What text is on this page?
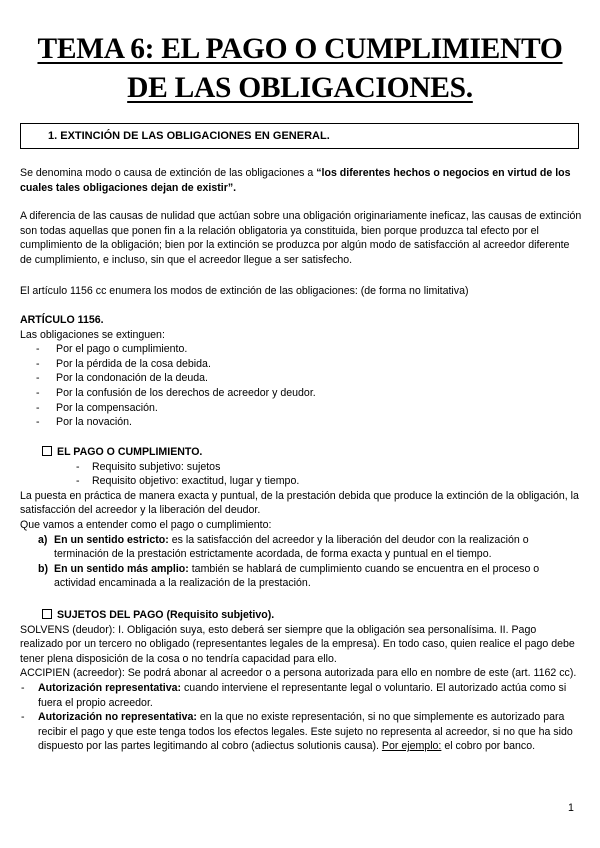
TEMA 6: EL PAGO O CUMPLIMIENTO
DE LAS OBLIGACIONES.
1. EXTINCIÓN DE LAS OBLIGACIONES EN GENERAL.
Se denomina modo o causa de extinción de las obligaciones a “los diferentes hechos o negocios en virtud de los cuales tales obligaciones dejan de existir”.
A diferencia de las causas de nulidad que actúan sobre una obligación originariamente ineficaz, las causas de extinción son todas aquellas que ponen fin a la relación obligatoria ya constituida, bien porque produzca tal efecto por el cumplimiento de la obligación; bien por la extinción se produzca por algún modo de satisfacción al acreedor diferente de cumplimiento, e incluso, sin que el acreedor llegue a ser satisfecho.
El artículo 1156 cc enumera los modos de extinción de las obligaciones: (de forma no limitativa)
ARTÍCULO 1156.
Las obligaciones se extinguen:
- Por el pago o cumplimiento.
- Por la pérdida de la cosa debida.
- Por la condonación de la deuda.
- Por la confusión de los derechos de acreedor y deudor.
- Por la compensación.
- Por la novación.
EL PAGO O CUMPLIMIENTO.
- Requisito subjetivo: sujetos
- Requisito objetivo: exactitud, lugar y tiempo.
La puesta en práctica de manera exacta y puntual, de la prestación debida que produce la extinción de la obligación, la satisfacción del acreedor y la liberación del deudor.
Que vamos a entender como el pago o cumplimiento:
a) En un sentido estricto: es la satisfacción del acreedor y la liberación del deudor con la realización o terminación de la prestación estrictamente acordada, de forma exacta y puntual en el tiempo.
b) En un sentido más amplio: también se hablará de cumplimiento cuando se encuentra en el proceso o actividad encaminada a la realización de la prestación.
SUJETOS DEL PAGO (Requisito subjetivo).
SOLVENS (deudor): I. Obligación suya, esto deberá ser siempre que la obligación sea personalísima. II. Pago realizado por un tercero no obligado (representantes legales de la empresa). En todo caso, quien realice el pago debe tener plena disposición de la cosa o no tendría capacidad para ello.
ACCIPIEN (acreedor): Se podrá abonar al acreedor o a persona autorizada para ello en nombre de este (art. 1162 cc).
- Autorización representativa: cuando interviene el representante legal o voluntario. El autorizado actúa como si fuera el propio acreedor.
- Autorización no representativa: en la que no existe representación, si no que simplemente es autorizado para recibir el pago y que este tenga todos los efectos legales. Este sujeto no representa al acreedor, si no que ha sido dispuesto por las partes legitimando al cobro (adiectus solutionis causa). Por ejemplo: el cobro por banco.
1
